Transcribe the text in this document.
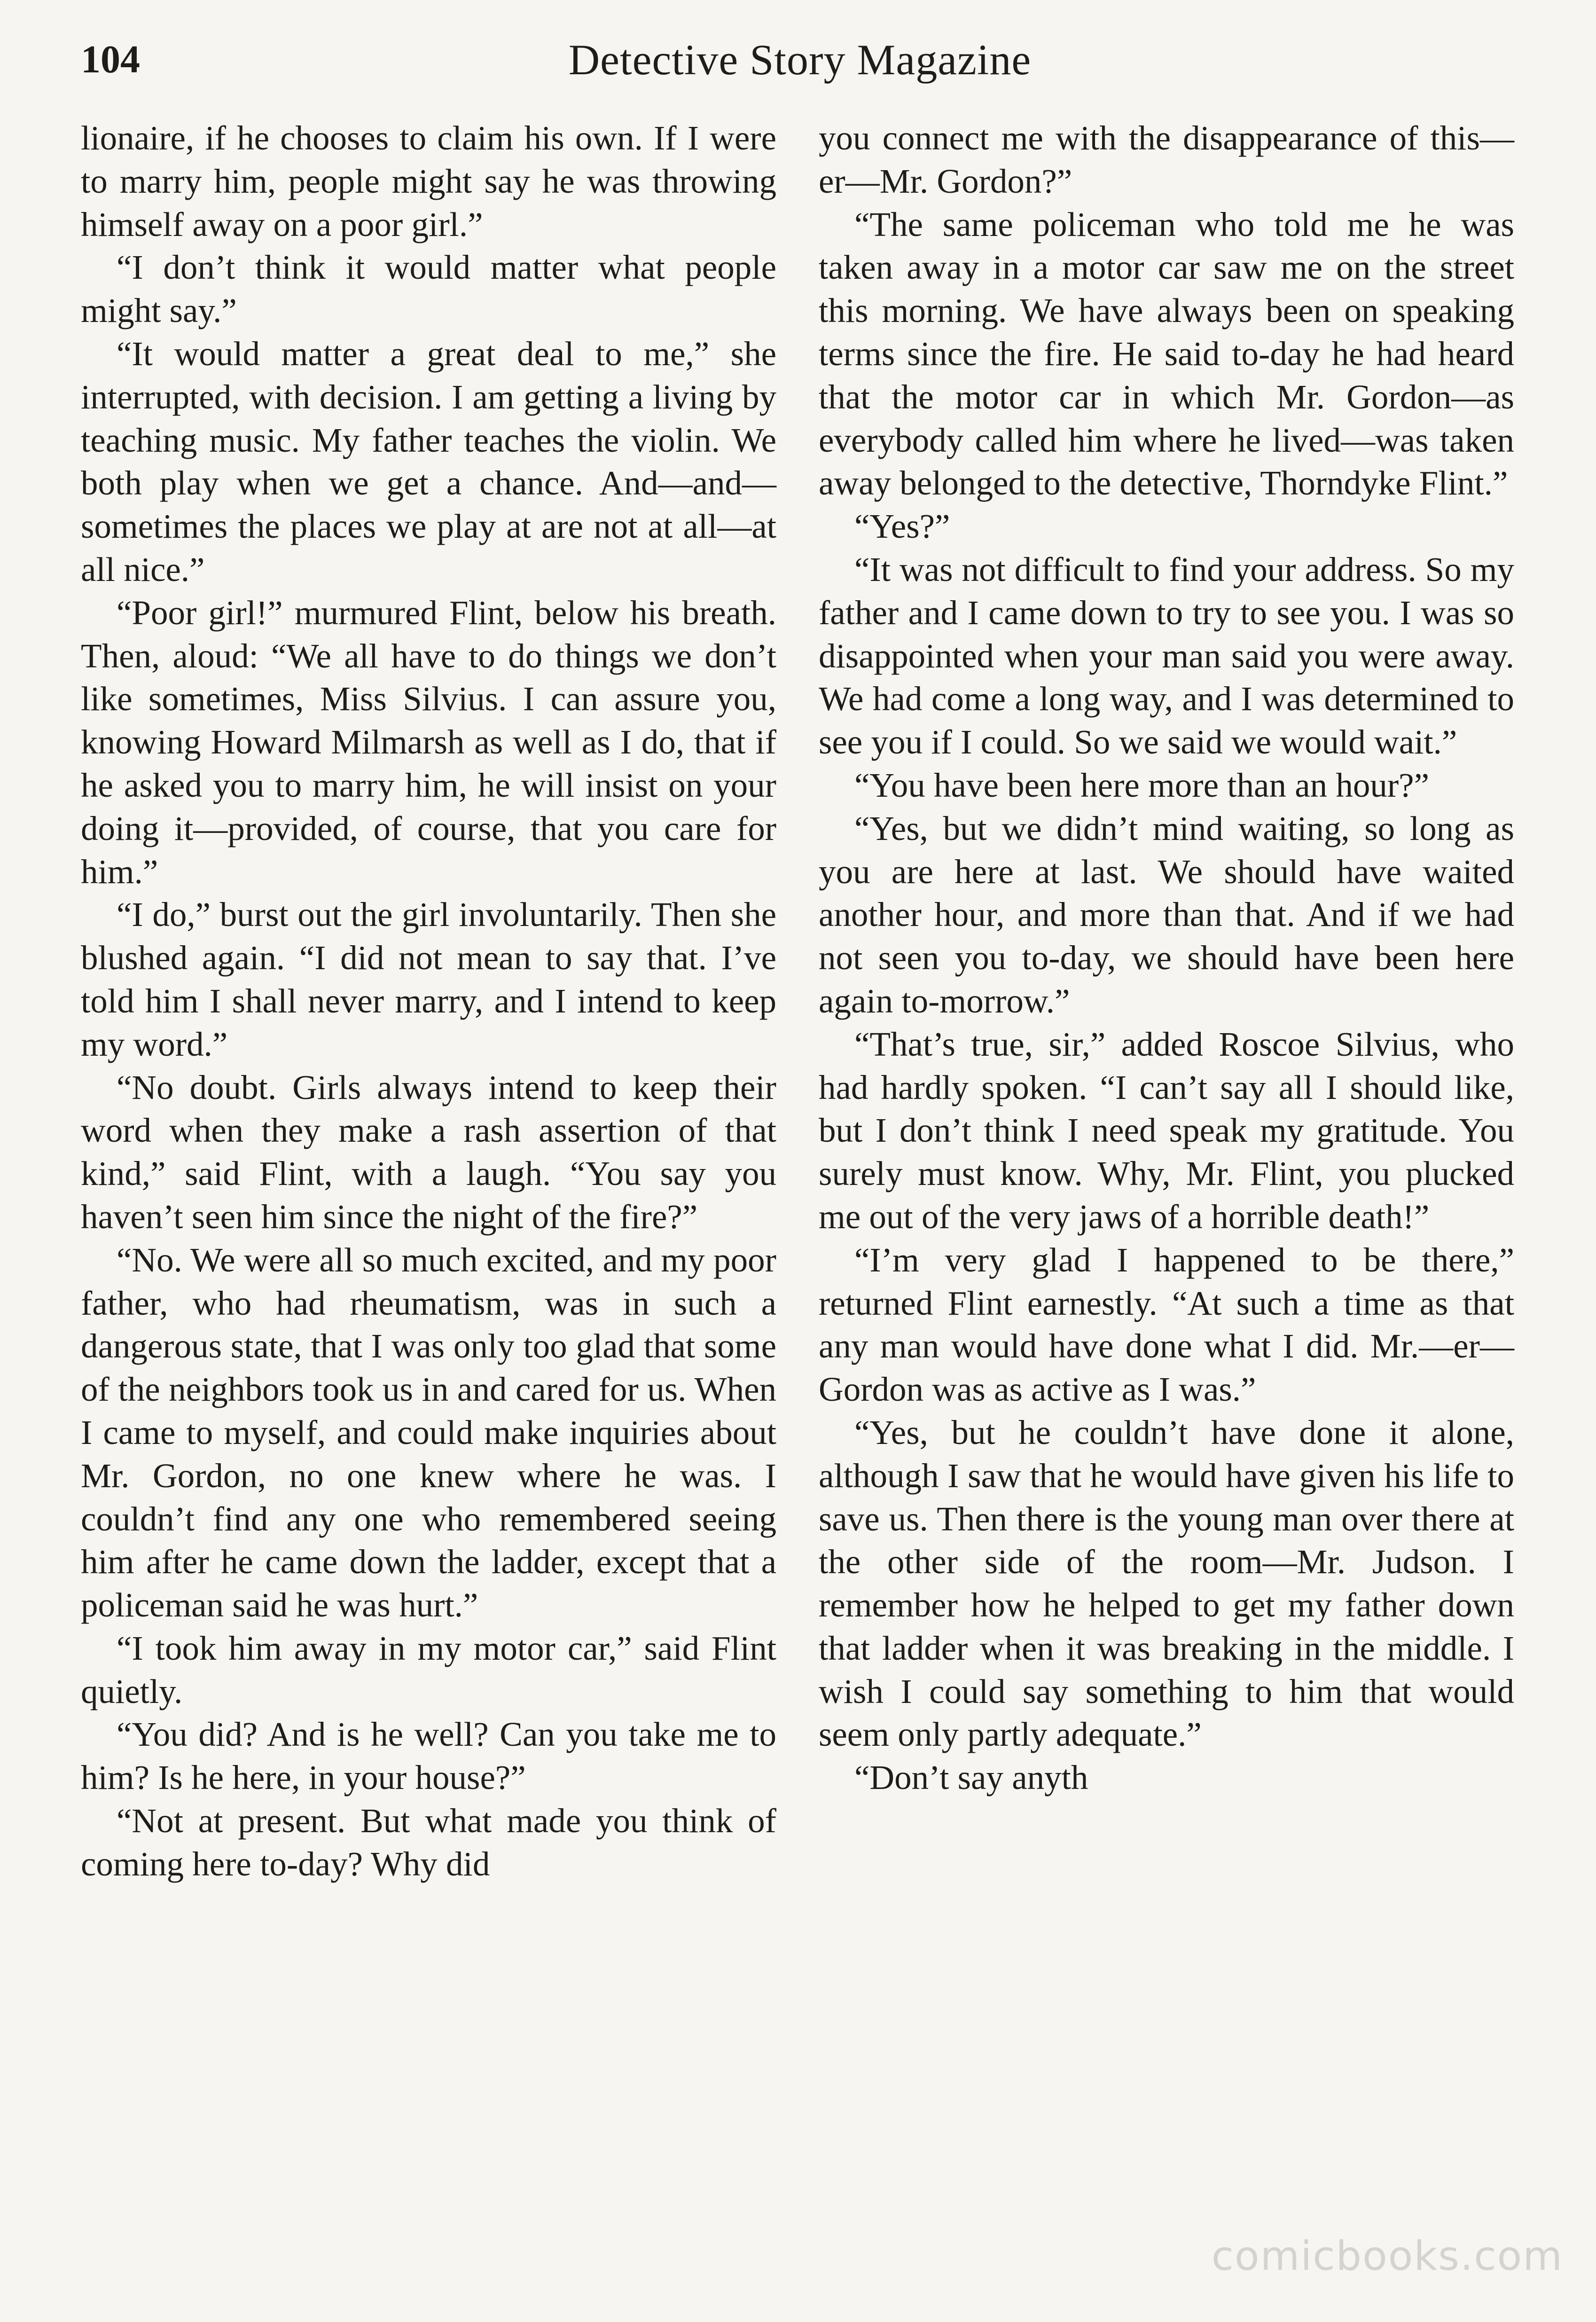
104	Detective Story Magazine

lionaire, if he chooses to claim his own. If I were to marry him, people might say he was throwing himself away on a poor girl.”

“I don’t think it would matter what people might say.”

“It would matter a great deal to me,” she interrupted, with decision. I am getting a living by teaching music. My father teaches the violin. We both play when we get a chance. And—and—sometimes the places we play at are not at all—at all nice.”

“Poor girl!” murmured Flint, below his breath. Then, aloud: “We all have to do things we don’t like sometimes, Miss Silvius. I can assure you, knowing Howard Milmarsh as well as I do, that if he asked you to marry him, he will insist on your doing it—provided, of course, that you care for him.”

“I do,” burst out the girl involuntarily. Then she blushed again. “I did not mean to say that. I’ve told him I shall never marry, and I intend to keep my word.”

“No doubt. Girls always intend to keep their word when they make a rash assertion of that kind,” said Flint, with a laugh. “You say you haven’t seen him since the night of the fire?”

“No. We were all so much excited, and my poor father, who had rheumatism, was in such a dangerous state, that I was only too glad that some of the neighbors took us in and cared for us. When I came to myself, and could make inquiries about Mr. Gordon, no one knew where he was. I couldn’t find any one who remembered seeing him after he came down the ladder, except that a policeman said he was hurt.”

“I took him away in my motor car,” said Flint quietly.

“You did? And is he well? Can you take me to him? Is he here, in your house?”

“Not at present. But what made you think of coming here to-day? Why did

you connect me with the disappearance of this—er—Mr. Gordon?”

“The same policeman who told me he was taken away in a motor car saw me on the street this morning. We have always been on speaking terms since the fire. He said to-day he had heard that the motor car in which Mr. Gordon—as everybody called him where he lived—was taken away belonged to the detective, Thorndyke Flint.”

“Yes?”

“It was not difficult to find your address. So my father and I came down to try to see you. I was so disappointed when your man said you were away. We had come a long way, and I was determined to see you if I could. So we said we would wait.”

“You have been here more than an hour?”

“Yes, but we didn’t mind waiting, so long as you are here at last. We should have waited another hour, and more than that. And if we had not seen you to-day, we should have been here again to-morrow.”

“That’s true, sir,” added Roscoe Silvius, who had hardly spoken. “I can’t say all I should like, but I don’t think I need speak my gratitude. You surely must know. Why, Mr. Flint, you plucked me out of the very jaws of a horrible death!”

“I’m very glad I happened to be there,” returned Flint earnestly. “At such a time as that any man would have done what I did. Mr.—er—Gordon was as active as I was.”

“Yes, but he couldn’t have done it alone, although I saw that he would have given his life to save us. Then there is the young man over there at the other side of the room—Mr. Judson. I remember how he helped to get my father down that ladder when it was breaking in the middle. I wish I could say something to him that would seem only partly adequate.”

“Don’t say anyth

comicbooks.com
